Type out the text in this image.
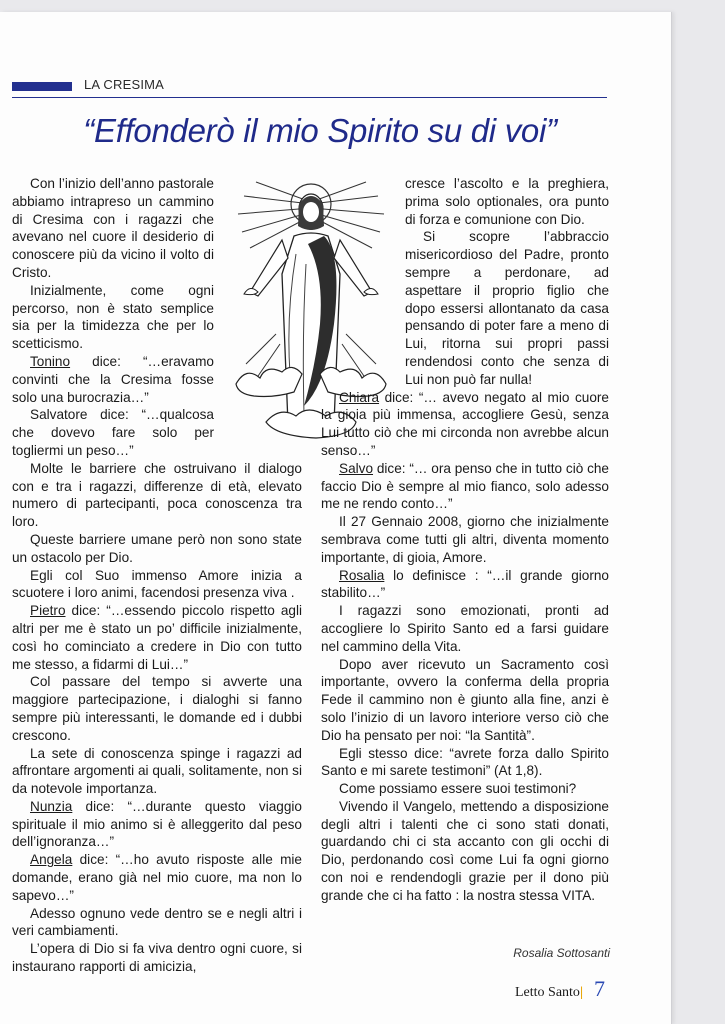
LA CRESIMA
“Effonderò il mio Spirito su di voi”

Con l’inizio dell’anno pastorale abbiamo intrapreso un cammino di Cresima con i ragazzi che avevano nel cuore il desiderio di conoscere più da vicino il volto di Cristo.

Inizialmente, come ogni percorso, non è stato semplice sia per la timidezza che per lo scetticismo.

Tonino dice: “…eravamo convinti che la Cresima fosse solo una burocrazia…”

Salvatore dice: “…qualcosa che dovevo fare solo per togliermi un peso…”

Molte le barriere che ostruivano il dialogo con e tra i ragazzi, differenze di età, elevato numero di partecipanti, poca conoscenza tra loro.

Queste barriere umane però non sono state un ostacolo per Dio.

Egli col Suo immenso Amore inizia a scuotere i loro animi, facendosi presenza viva .

Pietro dice: “…essendo piccolo rispetto agli altri per me è stato un po’ difficile inizialmente, così ho cominciato a credere in Dio con tutto me stesso, a fidarmi di Lui…”

Col passare del tempo si avverte una maggiore partecipazione, i dialoghi si fanno sempre più interessanti, le domande ed i dubbi crescono.

La sete di conoscenza spinge i ragazzi ad affrontare argomenti ai quali, solitamente, non si da notevole importanza.

Nunzia dice: “…durante questo viaggio spirituale il mio animo si è alleggerito dal peso dell’ignoranza…”

Angela dice: “…ho avuto risposte alle mie domande, erano già nel mio cuore, ma non lo sapevo…”

Adesso ognuno vede dentro se e negli altri i veri cambiamenti.

L’opera di Dio si fa viva dentro ogni cuore, si instaurano rapporti di amicizia,

cresce l’ascolto e la preghiera, prima solo optionales, ora punto di forza e comunione con Dio.

Si scopre l’abbraccio misericordioso del Padre, pronto sempre a perdonare, ad aspettare il proprio figlio che dopo essersi allontanato da casa pensando di poter fare a meno di Lui, ritorna sui propri passi rendendosi conto che senza di Lui non può far nulla!

Chiara dice: “… avevo negato al mio cuore la gioia più immensa, accogliere Gesù, senza Lui tutto ciò che mi circonda non avrebbe alcun senso…”

Salvo dice: “… ora penso che in tutto ciò che faccio Dio è sempre al mio fianco, solo adesso me ne rendo conto…”

Il 27 Gennaio 2008, giorno che inizialmente sembrava come tutti gli altri, diventa momento importante, di gioia, Amore.

Rosalia lo definisce : “…il grande giorno stabilito…”

I ragazzi sono emozionati, pronti ad accogliere lo Spirito Santo ed a farsi guidare nel cammino della Vita.

Dopo aver ricevuto un Sacramento così importante, ovvero la conferma della propria Fede il cammino non è giunto alla fine, anzi è solo l’inizio di un lavoro interiore verso ciò che Dio ha pensato per noi: “la Santità”.

Egli stesso dice: “avrete forza dallo Spirito Santo e mi sarete testimoni” (At 1,8).

Come possiamo essere suoi testimoni?

Vivendo il Vangelo, mettendo a disposizione degli altri i talenti che ci sono stati donati, guardando chi ci sta accanto con gli occhi di Dio, perdonando così come Lui fa ogni giorno con noi e rendendogli grazie per il dono più grande che ci ha fatto : la nostra stessa VITA.

Rosalia Sottosanti
Letto Santo| 7
